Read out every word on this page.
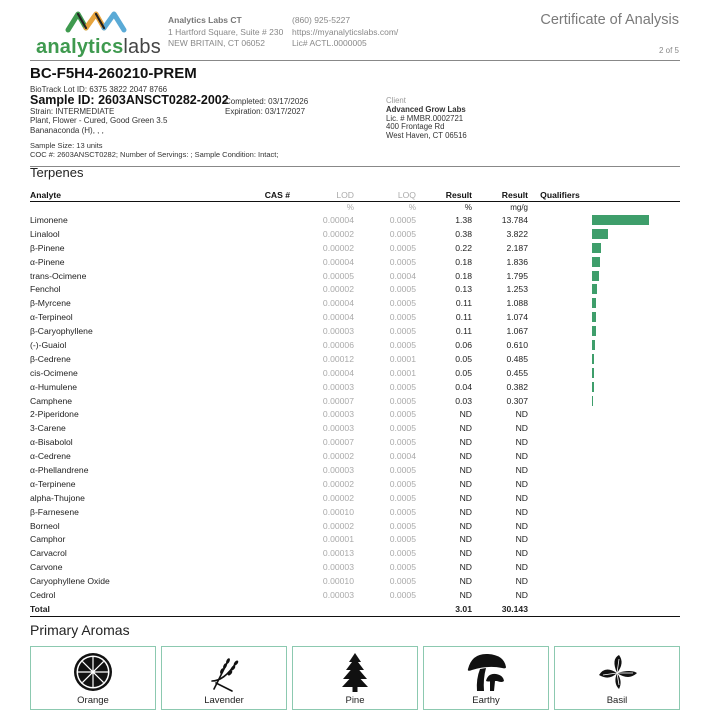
analyticslabs
Analytics Labs CT
1 Hartford Square, Suite # 230
NEW BRITAIN, CT 06052
(860) 925-5227
https://myanalyticslabs.com/
Lic# ACTL.0000005
Certificate of Analysis
2 of 5
BC-F5H4-260210-PREM
BioTrack Lot ID: 6375 3822 2047 8766
Sample ID: 2603ANSCT0282-2002
Strain: INTERMEDIATE
Plant, Flower - Cured, Good Green 3.5
Bananaconda (H), , ,
Completed: 03/17/2026
Expiration: 03/17/2027
Client
Advanced Grow Labs
Lic. # MMBR.0002721
400 Frontage Rd
West Haven, CT 06516
Sample Size: 13 units
COC #: 2603ANSCT0282; Number of Servings: ; Sample Condition: Intact;
Terpenes
Analyte	CAS #	LOD	LOQ	Result	Result	Qualifiers	
		%	%	%	mg/g		
Limonene		0.00004	0.0005	1.38	13.784		

Linalool		0.00002	0.0005	0.38	3.822		

β-Pinene		0.00002	0.0005	0.22	2.187		

α-Pinene		0.00004	0.0005	0.18	1.836		

trans-Ocimene		0.00005	0.0004	0.18	1.795		

Fenchol		0.00002	0.0005	0.13	1.253		

β-Myrcene		0.00004	0.0005	0.11	1.088		

α-Terpineol		0.00004	0.0005	0.11	1.074		

β-Caryophyllene		0.00003	0.0005	0.11	1.067		

(-)-Guaiol		0.00006	0.0005	0.06	0.610		

β-Cedrene		0.00012	0.0001	0.05	0.485		

cis-Ocimene		0.00004	0.0001	0.05	0.455		

α-Humulene		0.00003	0.0005	0.04	0.382		

Camphene		0.00007	0.0005	0.03	0.307		

2-Piperidone		0.00003	0.0005	ND	ND		
3-Carene		0.00003	0.0005	ND	ND		
α-Bisabolol		0.00007	0.0005	ND	ND		
α-Cedrene		0.00002	0.0004	ND	ND		
α-Phellandrene		0.00003	0.0005	ND	ND		
α-Terpinene		0.00002	0.0005	ND	ND		
alpha-Thujone		0.00002	0.0005	ND	ND		
β-Farnesene		0.00010	0.0005	ND	ND		
Borneol		0.00002	0.0005	ND	ND		
Camphor		0.00001	0.0005	ND	ND		
Carvacrol		0.00013	0.0005	ND	ND		
Carvone		0.00003	0.0005	ND	ND		
Caryophyllene Oxide		0.00010	0.0005	ND	ND		
Cedrol		0.00003	0.0005	ND	ND		
Total				3.01	30.143		
Primary Aromas
Orange	Lavender	Pine	Earthy	Basil
